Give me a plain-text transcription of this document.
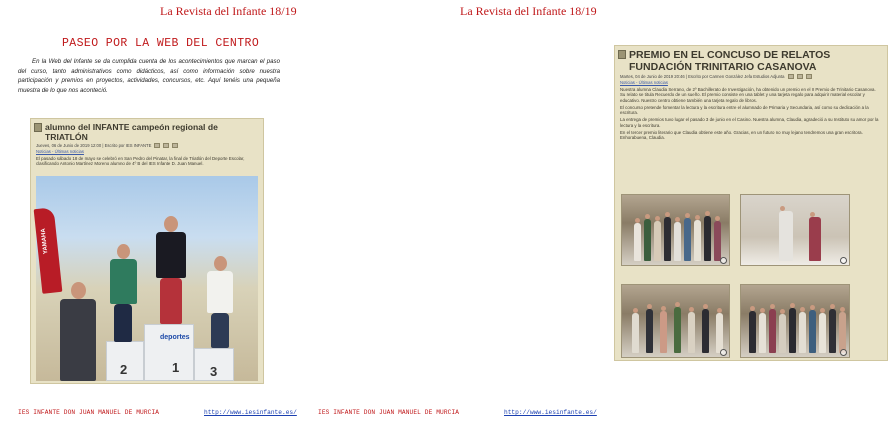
La Revista del Infante 18/19
PASEO POR LA WEB DEL CENTRO

En la Web del Infante se da cumplida cuenta de los acontecimientos que marcan el paso del curso, tanto administrativos como didácticos, así como información sobre nuestra participación y premios en proyectos, actividades, concursos, etc. Aquí tenéis una pequeña muestra de lo que nos aconteció.

alumno del INFANTE campeón regional de TRIATLÓN
Jueves, 06 de Junio de 2019 12:00 | Escrito por IES INFANTE
Noticias - Últimas noticias
El pasado sábado 18 de mayo se celebró en San Pedro del Pinatar, la final de Triatlón del Deporte Escolar, clasificando Antonio Martínez Moreno alumno de 4º B del IES Infante D. Juan Manuel.
YAMAHA
deportes
2	1 3
IES INFANTE DON JUAN MANUEL DE MURCIA	http://www.iesinfante.es/
La Revista del Infante 18/19
PREMIO EN EL CONCUSO DE RELATOS FUNDACIÓN TRINITARIO CASANOVA
Martes, 04 de Junio de 2019 20:46 | Escrito por Carmen González Jefa Estudios Adjunta
Noticias - Últimas noticias
Nuestra alumna Claudia Serrano, de 2º Bachillerato de Investigación, ha obtenido un premio en el II Premio de Trinitario Casanova. Su relato se titula Recuerdo de un sueño. El premio consiste en una tablet y una tarjeta regalo para adquirir material escolar y educativo. Nuestro centro obtiene también una tarjeta regalo de libros.
El concurso pretende fomentar la lectura y la escritura entre el alumnado de Primaria y Secundaria, así como su dedicación a la escritura.
La entrega de premios tuvo lugar el pasado 3 de junio en el Casino. Nuestra alumna, Claudia, agradeció a su Instituto su amor por la lectura y la escritura.
En el tercer premio literario que Claudia obtiene este año. Gracias, en un futuro no muy lejano tendremos una gran escritora. Enhorabuena, Claudia.
IES INFANTE DON JUAN MANUEL DE MURCIA	http://www.iesinfante.es/
